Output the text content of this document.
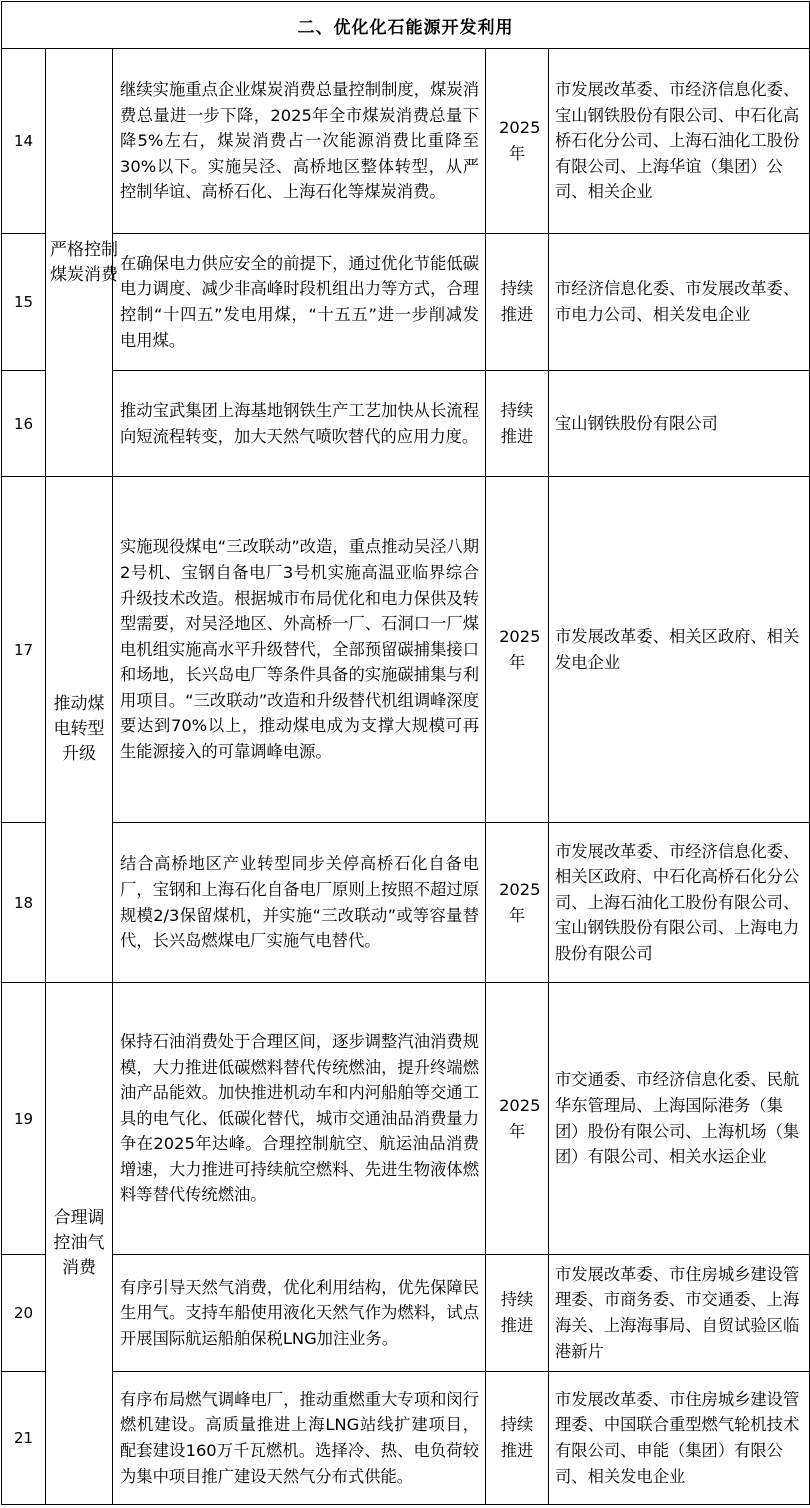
二、优化化石能源开发利用				
14	严格控制煤炭消费	继续实施重点企业煤炭消费总量控制制度，煤炭消费总量进一步下降，2025年全市煤炭消费总量下降5%左右，煤炭消费占一次能源消费比重降至30%以下。实施吴泾、高桥地区整体转型，从严控制华谊、高桥石化、上海石化等煤炭消费。	2025年	市发展改革委、市经济信息化委、宝山钢铁股份有限公司、中石化高桥石化分公司、上海石油化工股份有限公司、上海华谊（集团）公司、相关企业
15		在确保电力供应安全的前提下，通过优化节能低碳电力调度、减少非高峰时段机组出力等方式，合理控制“十四五”发电用煤，“十五五”进一步削减发电用煤。	持续推进	市经济信息化委、市发展改革委、市电力公司、相关发电企业
16		推动宝武集团上海基地钢铁生产工艺加快从长流程向短流程转变，加大天然气喷吹替代的应用力度。	持续推进	宝山钢铁股份有限公司
17	推动煤电转型升级	实施现役煤电“三改联动”改造，重点推动吴泾八期2号机、宝钢自备电厂3号机实施高温亚临界综合升级技术改造。根据城市布局优化和电力保供及转型需要，对吴泾地区、外高桥一厂、石洞口一厂煤电机组实施高水平升级替代，全部预留碳捕集接口和场地，长兴岛电厂等条件具备的实施碳捕集与利用项目。“三改联动”改造和升级替代机组调峰深度要达到70%以上，推动煤电成为支撑大规模可再生能源接入的可靠调峰电源。	2025年	市发展改革委、相关区政府、相关发电企业
18		结合高桥地区产业转型同步关停高桥石化自备电厂，宝钢和上海石化自备电厂原则上按照不超过原规模2/3保留煤机，并实施“三改联动”或等容量替代，长兴岛燃煤电厂实施气电替代。	2025年	市发展改革委、市经济信息化委、相关区政府、中石化高桥石化分公司、上海石油化工股份有限公司、宝山钢铁股份有限公司、上海电力股份有限公司
19	合理调控油气消费	保持石油消费处于合理区间，逐步调整汽油消费规模，大力推进低碳燃料替代传统燃油，提升终端燃油产品能效。加快推进机动车和内河船舶等交通工具的电气化、低碳化替代，城市交通油品消费量力争在2025年达峰。合理控制航空、航运油品消费增速，大力推进可持续航空燃料、先进生物液体燃料等替代传统燃油。	2025年	市交通委、市经济信息化委、民航华东管理局、上海国际港务（集团）股份有限公司、上海机场（集团）有限公司、相关水运企业
20		有序引导天然气消费，优化利用结构，优先保障民生用气。支持车船使用液化天然气作为燃料，试点开展国际航运船舶保税LNG加注业务。	持续推进	市发展改革委、市住房城乡建设管理委、市商务委、市交通委、上海海关、上海海事局、自贸试验区临港新片
21		有序布局燃气调峰电厂，推动重燃重大专项和闵行燃机建设。高质量推进上海LNG站线扩建项目，配套建设160万千瓦燃机。选择冷、热、电负荷较为集中项目推广建设天然气分布式供能。	持续推进	市发展改革委、市住房城乡建设管理委、中国联合重型燃气轮机技术有限公司、申能（集团）有限公司、相关发电企业
